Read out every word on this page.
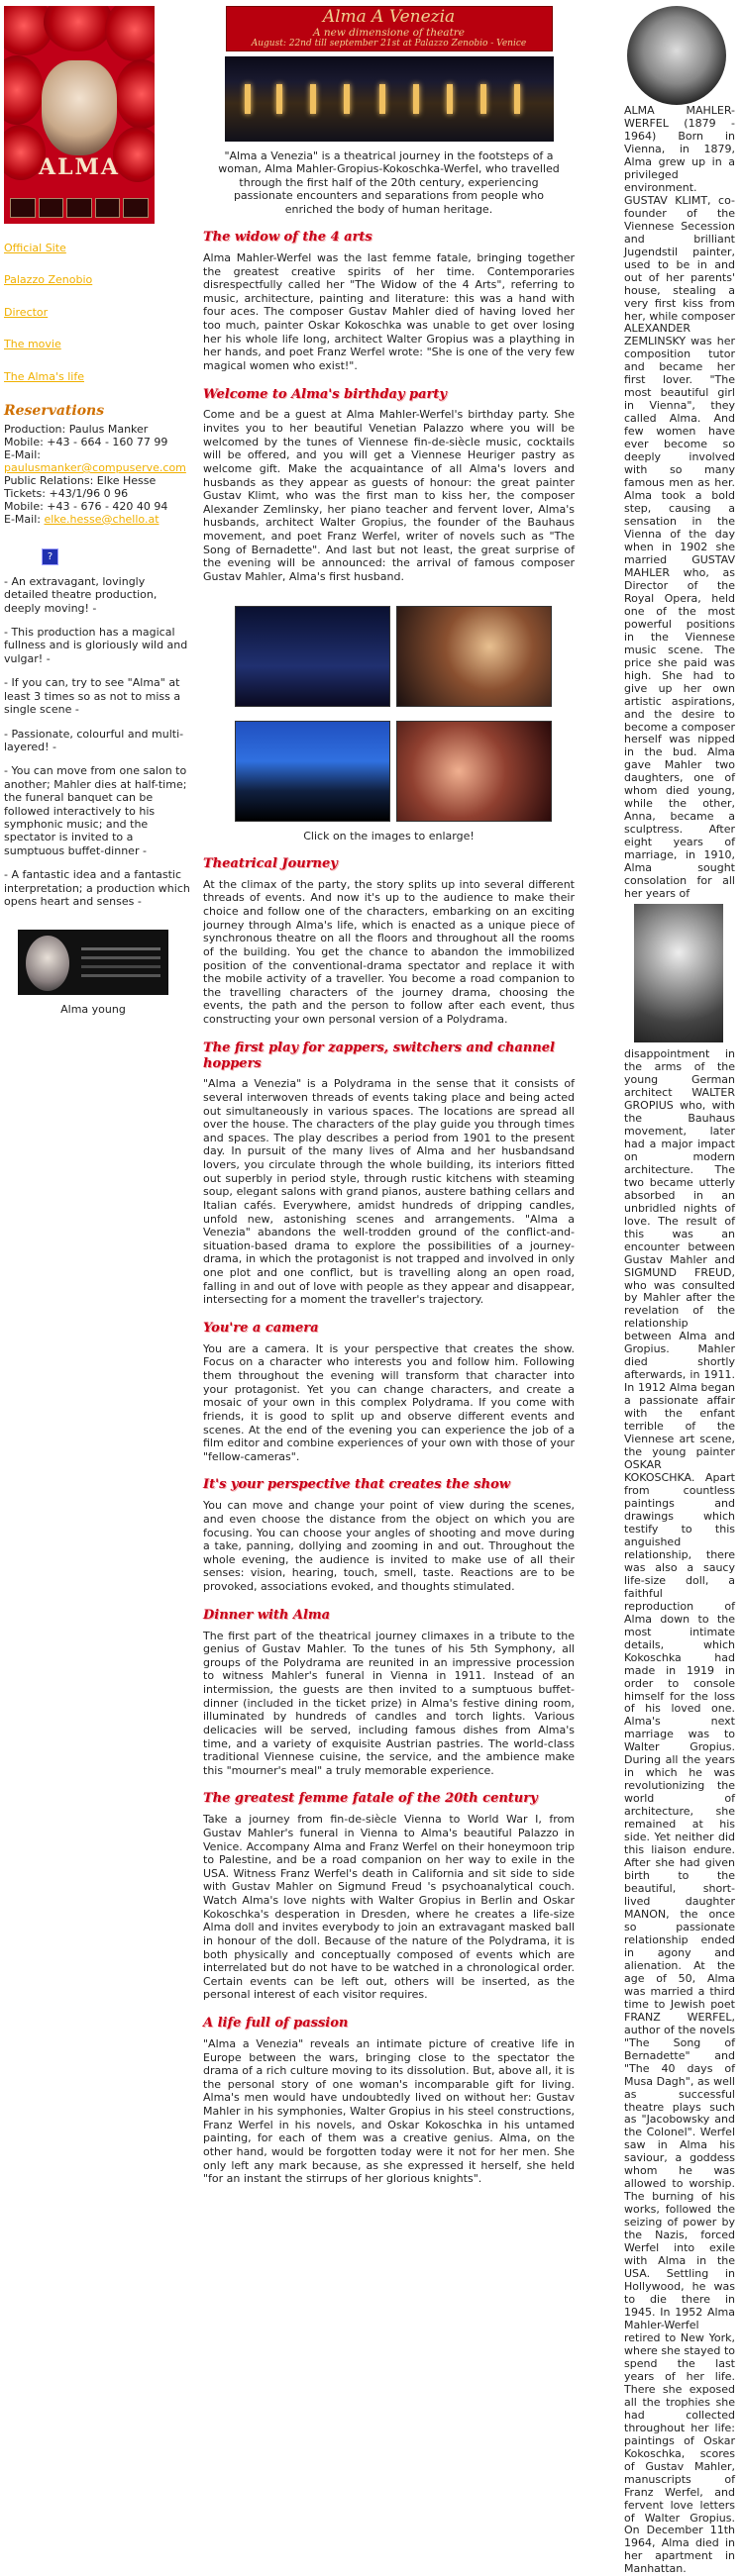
ALMA
Official Site
Palazzo Zenobio
Director
The movie
The Alma's life
Reservations
Production: Paulus Manker
Mobile: +43 - 664 - 160 77 99
E-Mail:
paulusmanker@compuserve.com
Public Relations: Elke Hesse
Tickets: +43/1/96 0 96
Mobile: +43 - 676 - 420 40 94
E-Mail: elke.hesse@chello.at
?
- An extravagant, lovingly detailed theatre production, deeply moving! -
- This production has a magical fullness and is gloriously wild and vulgar! -
- If you can, try to see "Alma" at least 3 times so as not to miss a single scene -
- Passionate, colourful and multi-layered! -
- You can move from one salon to another; Mahler dies at half-time; the funeral banquet can be followed interactively to his symphonic music; and the spectator is invited to a sumptuous buffet-dinner -
- A fantastic idea and a fantastic interpretation; a production which opens heart and senses -
Alma young
Alma A Venezia
A new dimensione of theatre
August: 22nd till september 21st at Palazzo Zenobio - Venice
"Alma a Venezia" is a theatrical journey in the footsteps of a woman, Alma Mahler-Gropius-Kokoschka-Werfel, who travelled through the first half of the 20th century, experiencing passionate encounters and separations from people who enriched the body of human heritage.
The widow of the 4 arts

Alma Mahler-Werfel was the last femme fatale, bringing together the greatest creative spirits of her time. Contemporaries disrespectfully called her "The Widow of the 4 Arts", referring to music, architecture, painting and literature: this was a hand with four aces. The composer Gustav Mahler died of having loved her too much, painter Oskar Kokoschka was unable to get over losing her his whole life long, architect Walter Gropius was a plaything in her hands, and poet Franz Werfel wrote: "She is one of the very few magical women who exist!".

Welcome to Alma's birthday party

Come and be a guest at Alma Mahler-Werfel's birthday party. She invites you to her beautiful Venetian Palazzo where you will be welcomed by the tunes of Viennese fin-de-siècle music, cocktails will be offered, and you will get a Viennese Heuriger pastry as welcome gift. Make the acquaintance of all Alma's lovers and husbands as they appear as guests of honour: the great painter Gustav Klimt, who was the first man to kiss her, the composer Alexander Zemlinsky, her piano teacher and fervent lover, Alma's husbands, architect Walter Gropius, the founder of the Bauhaus movement, and poet Franz Werfel, writer of novels such as "The Song of Bernadette". And last but not least, the great surprise of the evening will be announced: the arrival of famous composer Gustav Mahler, Alma's first husband.

Click on the images to enlarge!
Theatrical Journey

At the climax of the party, the story splits up into several different threads of events. And now it's up to the audience to make their choice and follow one of the characters, embarking on an exciting journey through Alma's life, which is enacted as a unique piece of synchronous theatre on all the floors and throughout all the rooms of the building. You get the chance to abandon the immobilized position of the conventional-drama spectator and replace it with the mobile activity of a traveller. You become a road companion to the travelling characters of the journey drama, choosing the events, the path and the person to follow after each event, thus constructing your own personal version of a Polydrama.

The first play for zappers, switchers and channel hoppers

"Alma a Venezia" is a Polydrama in the sense that it consists of several interwoven threads of events taking place and being acted out simultaneously in various spaces. The locations are spread all over the house. The characters of the play guide you through times and spaces. The play describes a period from 1901 to the present day. In pursuit of the many lives of Alma and her husbandsand lovers, you circulate through the whole building, its interiors fitted out superbly in period style, through rustic kitchens with steaming soup, elegant salons with grand pianos, austere bathing cellars and Italian cafés. Everywhere, amidst hundreds of dripping candles, unfold new, astonishing scenes and arrangements. "Alma a Venezia" abandons the well-trodden ground of the conflict-and-situation-based drama to explore the possibilities of a journey-drama, in which the protagonist is not trapped and involved in only one plot and one conflict, but is travelling along an open road, falling in and out of love with people as they appear and disappear, intersecting for a moment the traveller's trajectory.

You're a camera

You are a camera. It is your perspective that creates the show. Focus on a character who interests you and follow him. Following them throughout the evening will transform that character into your protagonist. Yet you can change characters, and create a mosaic of your own in this complex Polydrama. If you come with friends, it is good to split up and observe different events and scenes. At the end of the evening you can experience the job of a film editor and combine experiences of your own with those of your "fellow-cameras".

It's your perspective that creates the show

You can move and change your point of view during the scenes, and even choose the distance from the object on which you are focusing. You can choose your angles of shooting and move during a take, panning, dollying and zooming in and out. Throughout the whole evening, the audience is invited to make use of all their senses: vision, hearing, touch, smell, taste. Reactions are to be provoked, associations evoked, and thoughts stimulated.

Dinner with Alma

The first part of the theatrical journey climaxes in a tribute to the genius of Gustav Mahler. To the tunes of his 5th Symphony, all groups of the Polydrama are reunited in an impressive procession to witness Mahler's funeral in Vienna in 1911. Instead of an intermission, the guests are then invited to a sumptuous buffet-dinner (included in the ticket prize) in Alma's festive dining room, illuminated by hundreds of candles and torch lights. Various delicacies will be served, including famous dishes from Alma's time, and a variety of exquisite Austrian pastries. The world-class traditional Viennese cuisine, the service, and the ambience make this "mourner's meal" a truly memorable experience.

The greatest femme fatale of the 20th century

Take a journey from fin-de-siècle Vienna to World War I, from Gustav Mahler's funeral in Vienna to Alma's beautiful Palazzo in Venice. Accompany Alma and Franz Werfel on their honeymoon trip to Palestine, and be a road companion on her way to exile in the USA. Witness Franz Werfel's death in California and sit side to side with Gustav Mahler on Sigmund Freud 's psychoanalytical couch. Watch Alma's love nights with Walter Gropius in Berlin and Oskar Kokoschka's desperation in Dresden, where he creates a life-size Alma doll and invites everybody to join an extravagant masked ball in honour of the doll. Because of the nature of the Polydrama, it is both physically and conceptually composed of events which are interrelated but do not have to be watched in a chronological order. Certain events can be left out, others will be inserted, as the personal interest of each visitor requires.

A life full of passion

"Alma a Venezia" reveals an intimate picture of creative life in Europe between the wars, bringing close to the spectator the drama of a rich culture moving to its dissolution. But, above all, it is the personal story of one woman's incomparable gift for living. Alma's men would have undoubtedly lived on without her: Gustav Mahler in his symphonies, Walter Gropius in his steel constructions, Franz Werfel in his novels, and Oskar Kokoschka in his untamed painting, for each of them was a creative genius. Alma, on the other hand, would be forgotten today were it not for her men. She only left any mark because, as she expressed it herself, she held "for an instant the stirrups of her glorious knights".

ALMA MAHLER-WERFEL (1879 - 1964) Born in Vienna, in 1879, Alma grew up in a privileged environment. GUSTAV KLIMT, co-founder of the Viennese Secession and brilliant Jugendstil painter, used to be in and out of her parents' house, stealing a very first kiss from her, while composer ALEXANDER ZEMLINSKY was her composition tutor and became her first lover. "The most beautiful girl in Vienna", they called Alma. And few women have ever become so deeply involved with so many famous men as her. Alma took a bold step, causing a sensation in the Vienna of the day when in 1902 she married GUSTAV MAHLER who, as Director of the Royal Opera, held one of the most powerful positions in the Viennese music scene. The price she paid was high. She had to give up her own artistic aspirations, and the desire to become a composer herself was nipped in the bud. Alma gave Mahler two daughters, one of whom died young, while the other, Anna, became a sculptress. After eight years of marriage, in 1910, Alma sought consolation for all her years of

disappointment in the arms of the young German architect WALTER GROPIUS who, with the Bauhaus movement, later had a major impact on modern architecture. The two became utterly absorbed in an unbridled nights of love. The result of this was an encounter between Gustav Mahler and SIGMUND FREUD, who was consulted by Mahler after the revelation of the relationship between Alma and Gropius. Mahler died shortly afterwards, in 1911. In 1912 Alma began a passionate affair with the enfant terrible of the Viennese art scene, the young painter OSKAR KOKOSCHKA. Apart from countless paintings and drawings which testify to this anguished relationship, there was also a saucy life-size doll, a faithful reproduction of Alma down to the most intimate details, which Kokoschka had made in 1919 in order to console himself for the loss of his loved one. Alma's next marriage was to Walter Gropius. During all the years in which he was revolutionizing the world of architecture, she remained at his side. Yet neither did this liaison endure. After she had given birth to the beautiful, short-lived daughter MANON, the once so passionate relationship ended in agony and alienation. At the age of 50, Alma was married a third time to Jewish poet FRANZ WERFEL, author of the novels "The Song of Bernadette" and "The 40 days of Musa Dagh", as well as successful theatre plays such as "Jacobowsky and the Colonel". Werfel saw in Alma his saviour, a goddess whom he was allowed to worship. The burning of his works, followed the seizing of power by the Nazis, forced Werfel into exile with Alma in the USA. Settling in Hollywood, he was to die there in 1945. In 1952 Alma Mahler-Werfel retired to New York, where she stayed to spend the last years of her life. There she exposed all the trophies she had collected throughout her life: paintings of Oskar Kokoschka, scores of Gustav Mahler, manuscripts of Franz Werfel, and fervent love letters of Walter Gropius. On December 11th 1964, Alma died in her apartment in Manhattan.
